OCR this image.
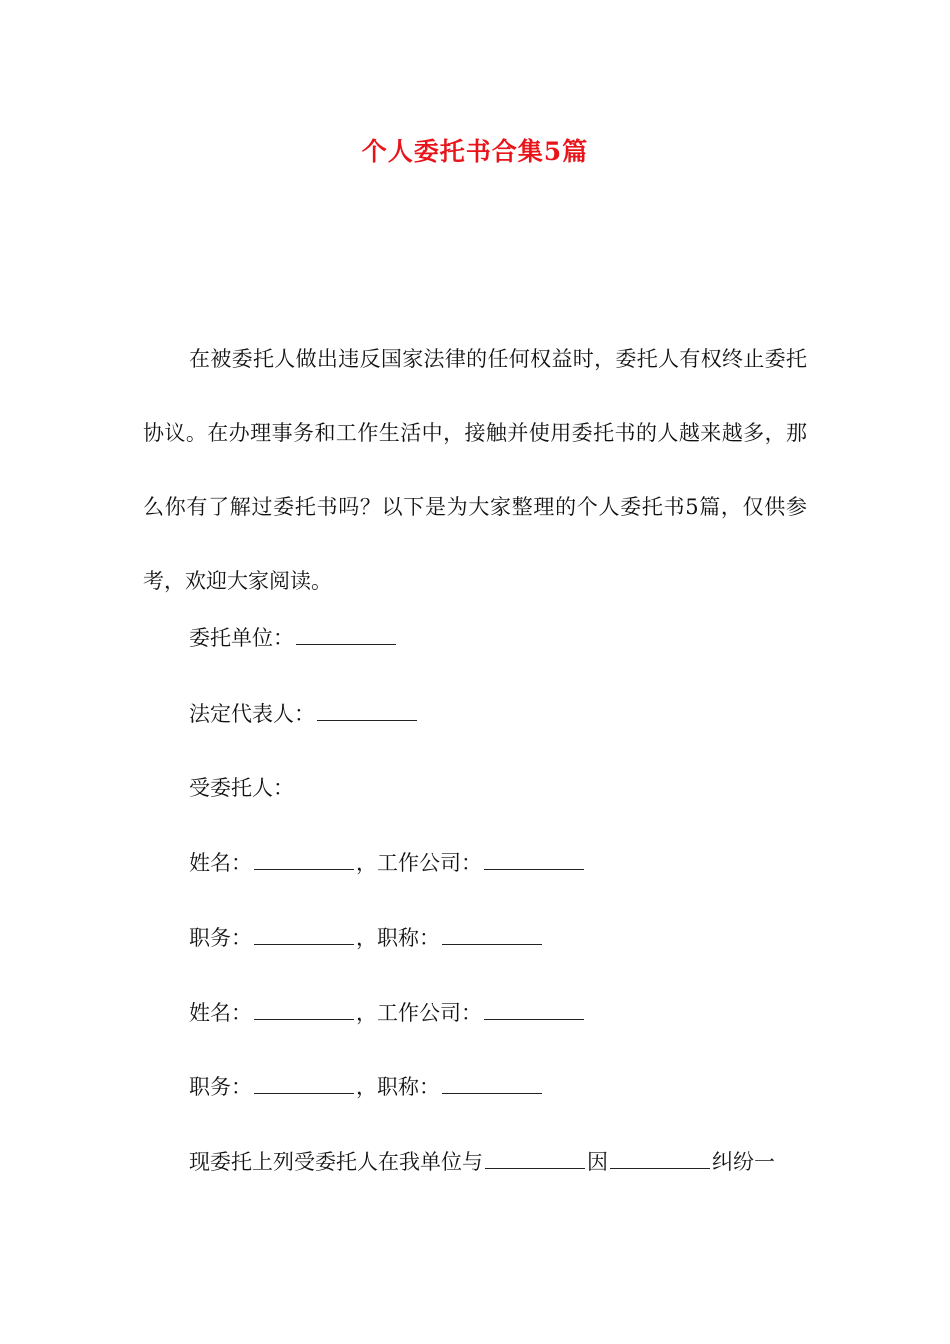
个人委托书合集5篇

在被委托人做出违反国家法律的任何权益时，委托人有权终止委托协议。在办理事务和工作生活中，接触并使用委托书的人越来越多，那么你有了解过委托书吗？以下是为大家整理的个人委托书5篇，仅供参考，欢迎大家阅读。

委托单位：

法定代表人：

受委托人：

姓名：	，工作公司：

职务：	，职称：

姓名：	，工作公司：

职务：	，职称：

现委托上列受委托人在我单位与	因	纠纷一
